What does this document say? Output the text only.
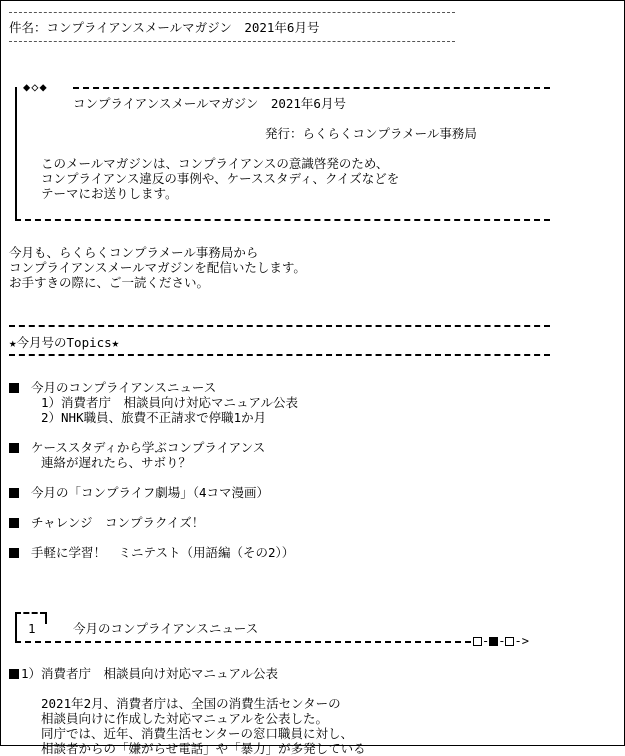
件名：コンプライアンスメールマガジン　2021年6月号
◆◇◆
コンプライアンスメールマガジン　2021年6月号
発行：らくらくコンプラメール事務局
このメールマガジンは、コンプライアンスの意識啓発のため、
コンプライアンス違反の事例や、ケーススタディ、クイズなどを
テーマにお送りします。
今月も、らくらくコンプラメール事務局から
コンプライアンスメールマガジンを配信いたします。
お手すきの際に、ご一読ください。
★今月号のTopics★
今月のコンプライアンスニュース
1）消費者庁　相談員向け対応マニュアル公表
2）NHK職員、旅費不正請求で停職1か月
ケーススタディから学ぶコンプライアンス
連絡が遅れたら、サボり？
今月の「コンプライフ劇場」（4コマ漫画）
チャレンジ　コンプラクイズ！
手軽に学習！　ミニテスト（用語編（その2））
1	今月のコンプライアンスニュース
- - ->
1）消費者庁　相談員向け対応マニュアル公表
2021年2月、消費者庁は、全国の消費生活センターの
相談員向けに作成した対応マニュアルを公表した。
同庁では、近年、消費生活センターの窓口職員に対し、
相談者からの「嫌がらせ電話」や「暴力」が多発している
